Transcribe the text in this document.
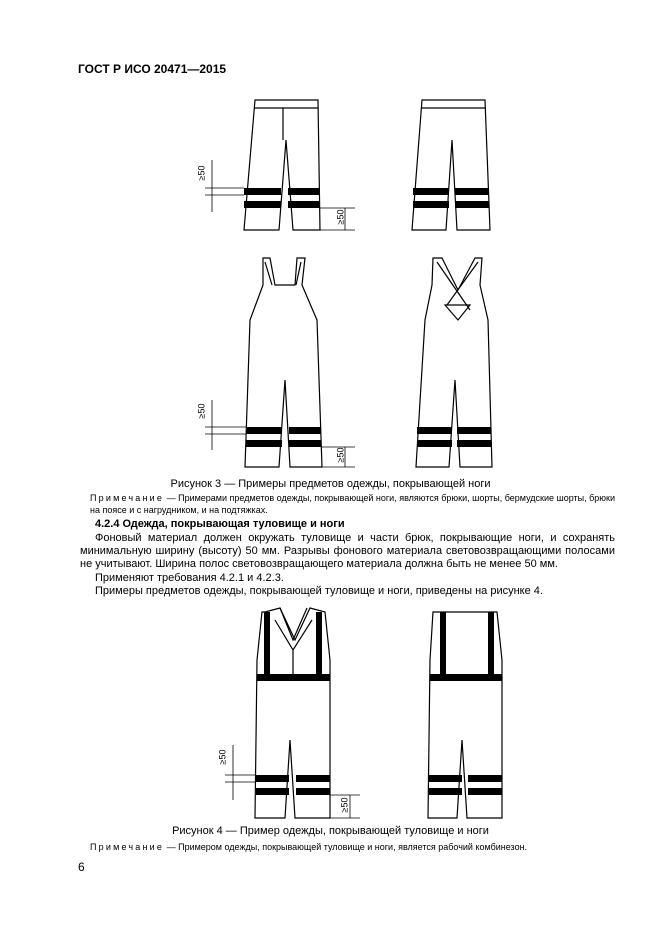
ГОСТ Р ИСО 20471—2015
≥50
≥50
≥50
≥50
Рисунок 3 — Примеры предметов одежды, покрывающей ноги
Примечание — Примерами предметов одежды, покрывающей ноги, являются брюки, шорты, бермудские шорты, брюки на поясе и с нагрудником, и на подтяжках.
4.2.4 Одежда, покрывающая туловище и ноги
Фоновый материал должен окружать туловище и части брюк, покрывающие ноги, и сохранять минимальную ширину (высоту) 50 мм. Разрывы фонового материала световозвращающими полосами не учитывают. Ширина полос световозвращающего материала должна быть не менее 50 мм.
Применяют требования 4.2.1 и 4.2.3.
Примеры предметов одежды, покрывающей туловище и ноги, приведены на рисунке 4.
≥50
≥50
Рисунок 4 — Пример одежды, покрывающей туловище и ноги
Примечание — Примером одежды, покрывающей туловище и ноги, является рабочий комбинезон.
6
